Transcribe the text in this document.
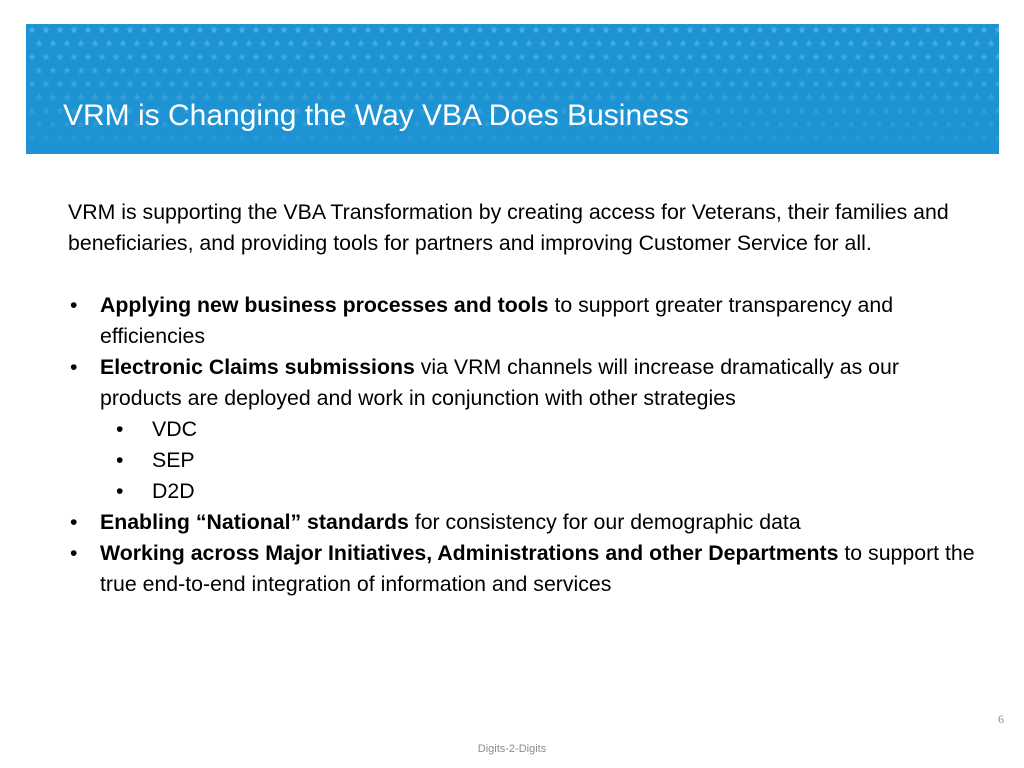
VRM is Changing the Way VBA Does Business

VRM is supporting the VBA Transformation by creating access for Veterans, their families and beneficiaries, and providing tools for partners and improving Customer Service for all.

• Applying new business processes and tools to support greater transparency and efficiencies
• Electronic Claims submissions via VRM channels will increase dramatically as our products are deployed and work in conjunction with other strategies
• VDC
• SEP
• D2D
• Enabling “National” standards for consistency for our demographic data
• Working across Major Initiatives, Administrations and other Departments to support the true end-to-end integration of information and services
6
Digits-2-Digits
